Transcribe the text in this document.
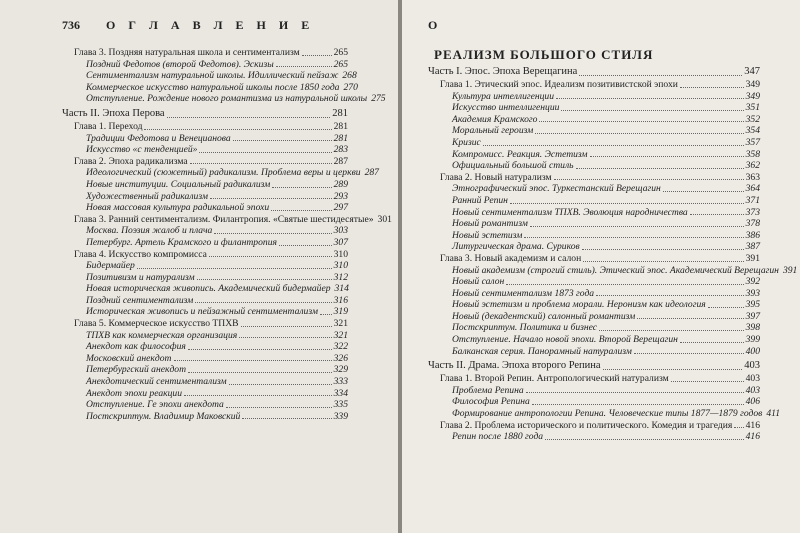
736 О Г Л А В Л Е Н И Е
Глава 3. Поздняя натуральная школа и сентиментализм	265
Поздний Федотов (второй Федотов). Эскизы	265
Сентиментализм натуральной школы. Идиллический пейзаж 268
Коммерческое искусство натуральной школы после 1850 года 270
Отступление. Рождение нового романтизма из натуральной школы 275
Часть II. Эпоха Перова	281
Глава 1. Переход	281
Традиции Федотова и Венецианова	281
Искусство «с тенденцией»	283
Глава 2. Эпоха радикализма	287
Идеологический (сюжетный) радикализм. Проблема веры и церкви 287
Новые институции. Социальный радикализм	289
Художественный радикализм	293
Новая массовая культура радикальной эпохи	297
Глава 3. Ранний сентиментализм. Филантропия. «Святые шестидесятые» 301
Москва. Поэзия жалоб и плача	303
Петербург. Артель Крамского и филантропия	307
Глава 4. Искусство компромисса	310
Бидермайер	310
Позитивизм и натурализм	312
Новая историческая живопись. Академический бидермайер 314
Поздний сентиментализм	316
Историческая живопись и пейзажный сентиментализм 319
Глава 5. Коммерческое искусство ТПХВ	321
ТПХВ как коммерческая организация	321
Анекдот как философия	322
Московский анекдот	326
Петербургский анекдот	329
Анекдотический сентиментализм	333
Анекдот эпохи реакции	334
Отступление. Ге эпохи анекдота	335
Постскриптум. Владимир Маковский	339
О
РЕАЛИЗМ БОЛЬШОГО СТИЛЯ
Часть I. Эпос. Эпоха Верещагина	347
Глава 1. Этический эпос. Идеализм позитивистской эпохи	349
Культура интеллигенции	349
Искусство интеллигенции	351
Академия Крамского	352
Моральный героизм	354
Кризис	357
Компромисс. Реакция. Эстетизм	358
Официальный большой стиль	362
Глава 2. Новый натурализм	363
Этнографический эпос. Туркестанский Верещагин	364
Ранний Репин	371
Новый сентиментализм ТПХВ. Эволюция народничества	373
Новый романтизм	378
Новый эстетизм	386
Литургическая драма. Суриков	387
Глава 3. Новый академизм и салон	391
Новый академизм (строгий стиль). Этический эпос. Академический Верещагин 391
Новый салон	392
Новый сентиментализм 1873 года	393
Новый эстетизм и проблема морали. Неронизм как идеология	395
Новый (декадентский) салонный романтизм	397
Постскриптум. Политика и бизнес	398
Отступление. Начало новой эпохи. Второй Верещагин	399
Балканская серия. Панорамный натурализм	400
Часть II. Драма. Эпоха второго Репина	403
Глава 1. Второй Репин. Антропологический натурализм	403
Проблема Репина	403
Философия Репина	406
Формирование антропологии Репина. Человеческие типы 1877—1879 годов 411
Глава 2. Проблема исторического и политического. Комедия и трагедия 416
Репин после 1880 года	416
